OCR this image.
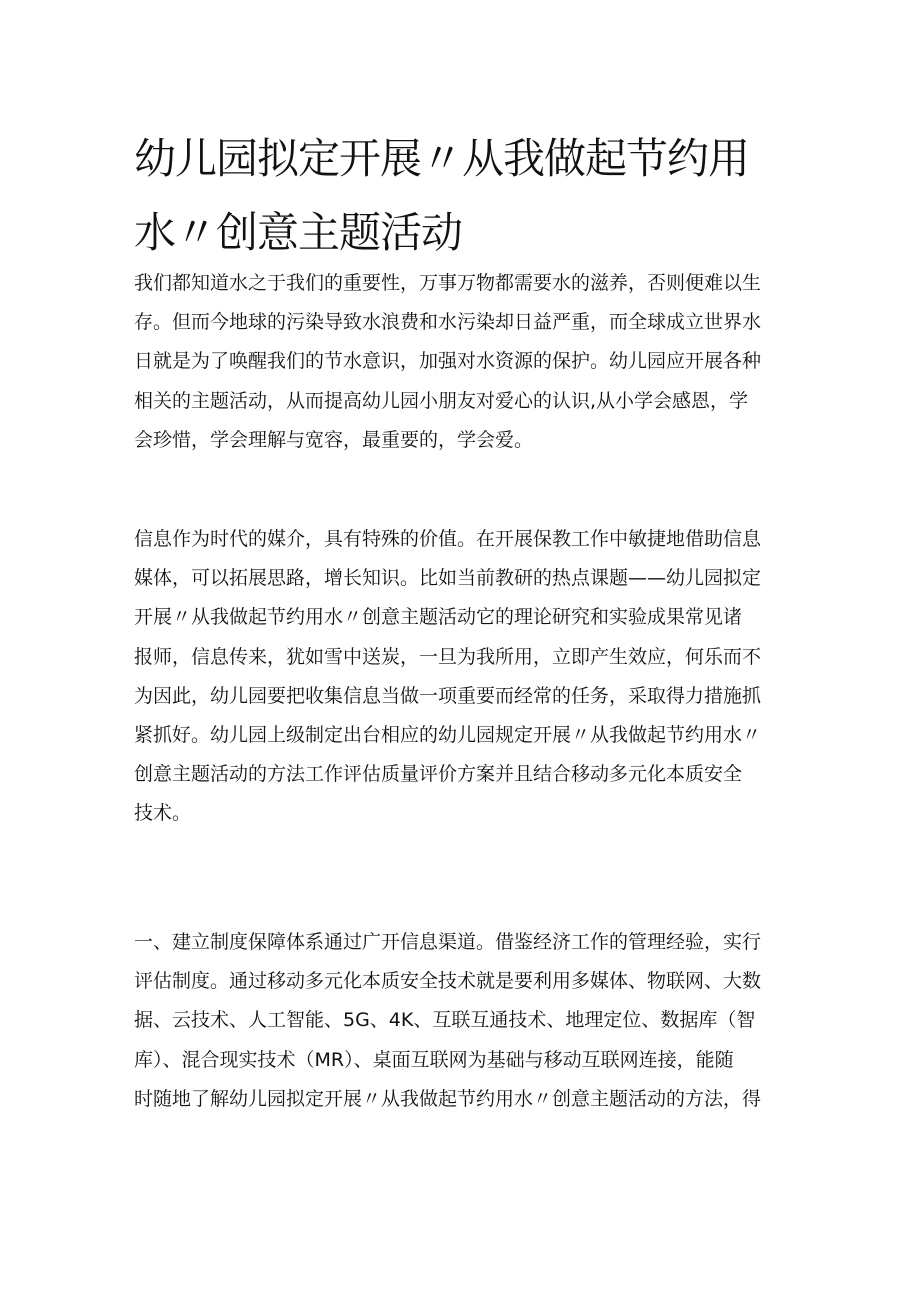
幼儿园拟定开展〃从我做起节约用
水〃创意主题活动

我们都知道水之于我们的重要性，万事万物都需要水的滋养，否则便难以生
存。但而今地球的污染导致水浪费和水污染却日益严重，而全球成立世界水
日就是为了唤醒我们的节水意识，加强对水资源的保护。幼儿园应开展各种
相关的主题活动，从而提高幼儿园小朋友对爱心的认识,从小学会感恩，学
会珍惜，学会理解与宽容，最重要的，学会爱。

信息作为时代的媒介，具有特殊的价值。在开展保教工作中敏捷地借助信息
媒体，可以拓展思路，增长知识。比如当前教研的热点课题——幼儿园拟定
开展〃从我做起节约用水〃创意主题活动它的理论研究和实验成果常见诸
报师，信息传来，犹如雪中送炭，一旦为我所用，立即产生效应，何乐而不
为因此，幼儿园要把收集信息当做一项重要而经常的任务，采取得力措施抓
紧抓好。幼儿园上级制定出台相应的幼儿园规定开展〃从我做起节约用水〃
创意主题活动的方法工作评估质量评价方案并且结合移动多元化本质安全
技术。

一、建立制度保障体系通过广开信息渠道。借鉴经济工作的管理经验，实行
评估制度。通过移动多元化本质安全技术就是要利用多媒体、物联网、大数
据、云技术、人工智能、5G、4K、互联互通技术、地理定位、数据库（智
库）、混合现实技术（MR）、桌面互联网为基础与移动互联网连接，能随
时随地了解幼儿园拟定开展〃从我做起节约用水〃创意主题活动的方法，得
